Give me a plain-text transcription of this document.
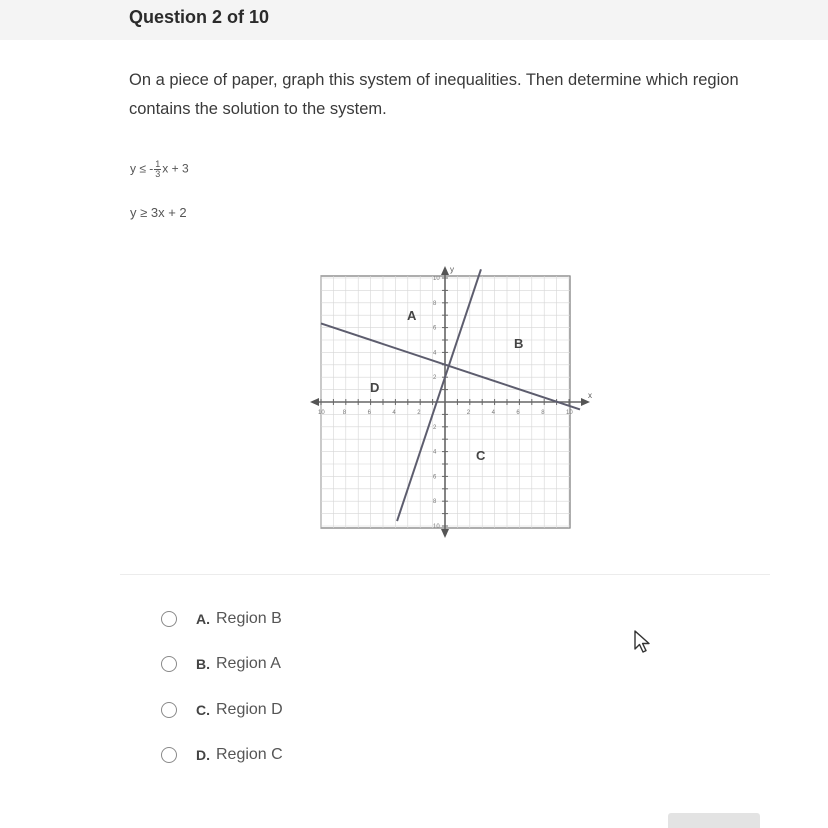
Question 2 of 10
On a piece of paper, graph this system of inequalities. Then determine which region contains the solution to the system.
y ≤ - $\frac{1}{3}$ x + 3
y ≥ 3x + 2
10	8	6	4	2	2	4	6	8	10
10
8
6
4
2
2
4
6
8
10
x
y
A
B
C
D
A. Region B
B. Region A
C. Region D
D. Region C
